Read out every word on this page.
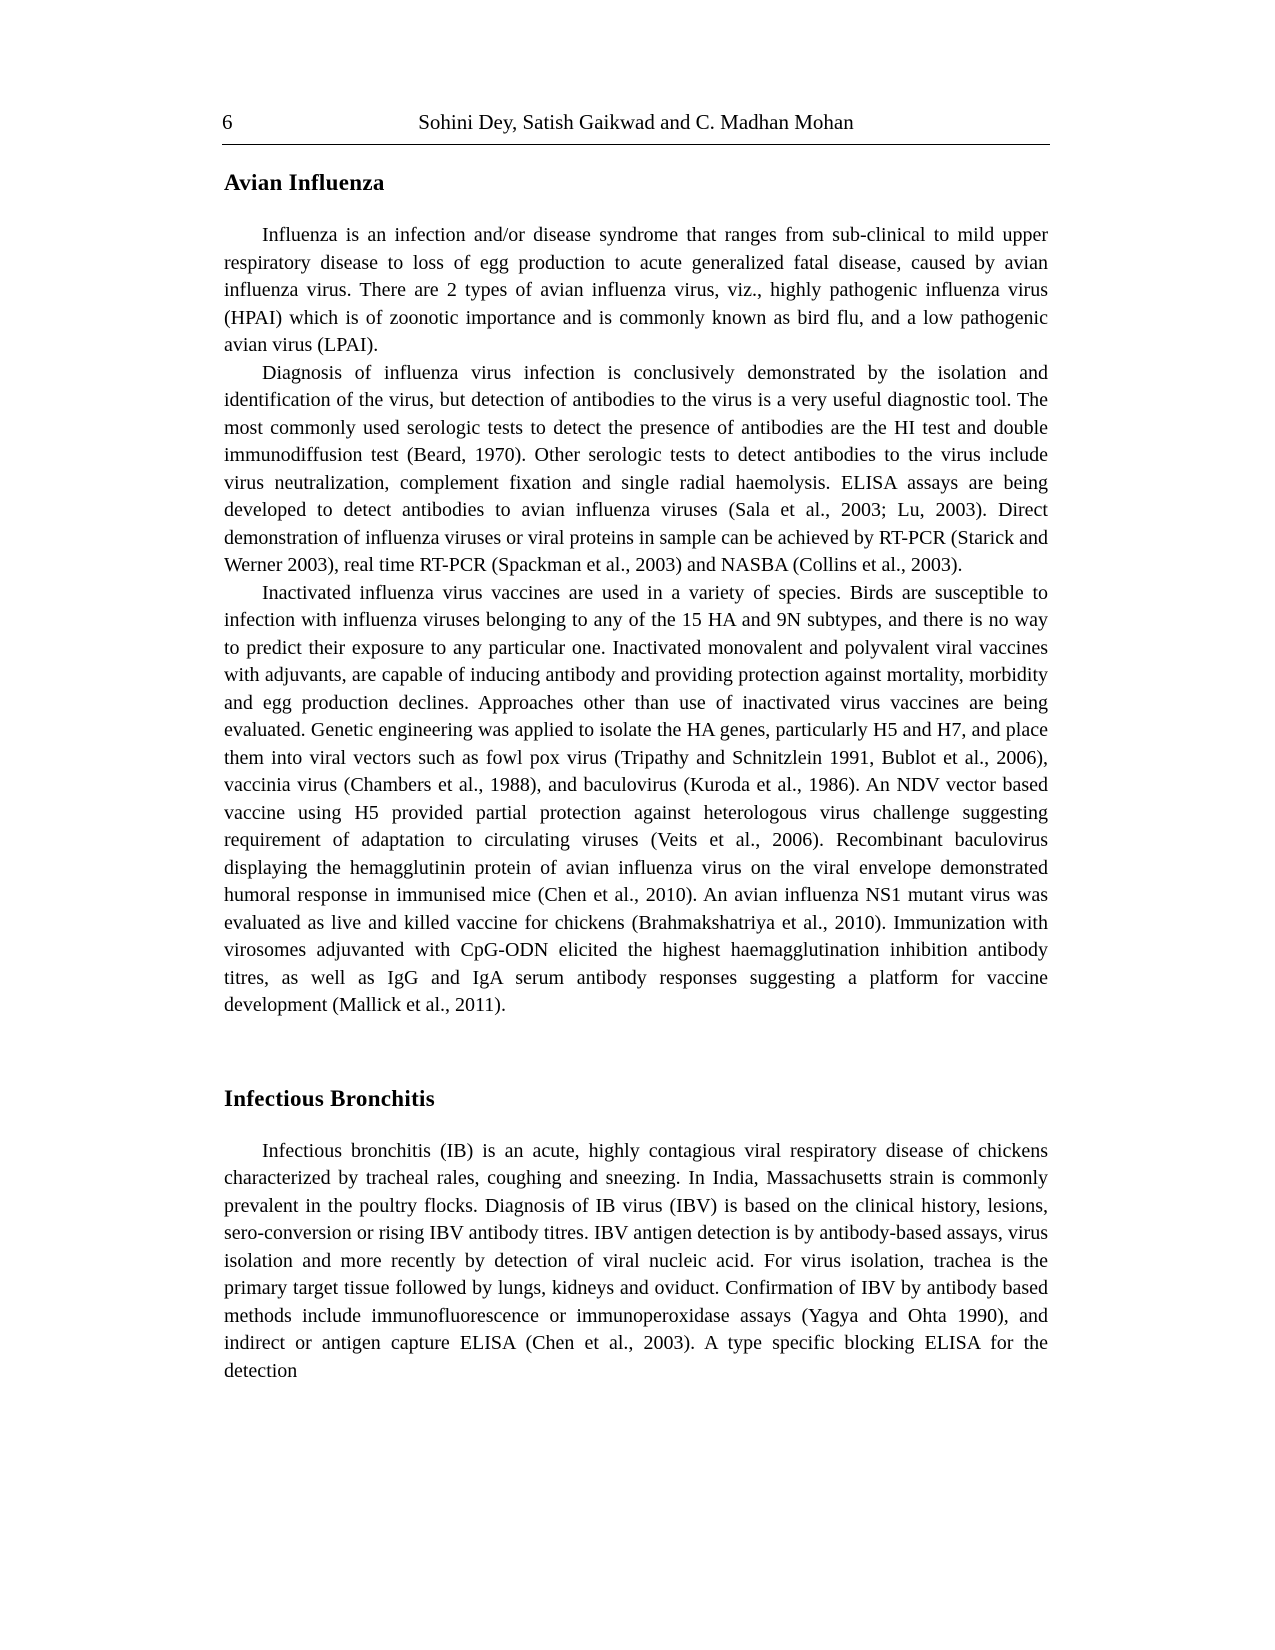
6	Sohini Dey, Satish Gaikwad and C. Madhan Mohan
Avian Influenza

Influenza is an infection and/or disease syndrome that ranges from sub-clinical to mild upper respiratory disease to loss of egg production to acute generalized fatal disease, caused by avian influenza virus. There are 2 types of avian influenza virus, viz., highly pathogenic influenza virus (HPAI) which is of zoonotic importance and is commonly known as bird flu, and a low pathogenic avian virus (LPAI).

Diagnosis of influenza virus infection is conclusively demonstrated by the isolation and identification of the virus, but detection of antibodies to the virus is a very useful diagnostic tool. The most commonly used serologic tests to detect the presence of antibodies are the HI test and double immunodiffusion test (Beard, 1970). Other serologic tests to detect antibodies to the virus include virus neutralization, complement fixation and single radial haemolysis. ELISA assays are being developed to detect antibodies to avian influenza viruses (Sala et al., 2003; Lu, 2003). Direct demonstration of influenza viruses or viral proteins in sample can be achieved by RT-PCR (Starick and Werner 2003), real time RT-PCR (Spackman et al., 2003) and NASBA (Collins et al., 2003).

Inactivated influenza virus vaccines are used in a variety of species. Birds are susceptible to infection with influenza viruses belonging to any of the 15 HA and 9N subtypes, and there is no way to predict their exposure to any particular one. Inactivated monovalent and polyvalent viral vaccines with adjuvants, are capable of inducing antibody and providing protection against mortality, morbidity and egg production declines. Approaches other than use of inactivated virus vaccines are being evaluated. Genetic engineering was applied to isolate the HA genes, particularly H5 and H7, and place them into viral vectors such as fowl pox virus (Tripathy and Schnitzlein 1991, Bublot et al., 2006), vaccinia virus (Chambers et al., 1988), and baculovirus (Kuroda et al., 1986). An NDV vector based vaccine using H5 provided partial protection against heterologous virus challenge suggesting requirement of adaptation to circulating viruses (Veits et al., 2006). Recombinant baculovirus displaying the hemagglutinin protein of avian influenza virus on the viral envelope demonstrated humoral response in immunised mice (Chen et al., 2010). An avian influenza NS1 mutant virus was evaluated as live and killed vaccine for chickens (Brahmakshatriya et al., 2010). Immunization with virosomes adjuvanted with CpG-ODN elicited the highest haemagglutination inhibition antibody titres, as well as IgG and IgA serum antibody responses suggesting a platform for vaccine development (Mallick et al., 2011).

Infectious Bronchitis

Infectious bronchitis (IB) is an acute, highly contagious viral respiratory disease of chickens characterized by tracheal rales, coughing and sneezing. In India, Massachusetts strain is commonly prevalent in the poultry flocks. Diagnosis of IB virus (IBV) is based on the clinical history, lesions, sero-conversion or rising IBV antibody titres. IBV antigen detection is by antibody-based assays, virus isolation and more recently by detection of viral nucleic acid. For virus isolation, trachea is the primary target tissue followed by lungs, kidneys and oviduct. Confirmation of IBV by antibody based methods include immunofluorescence or immunoperoxidase assays (Yagya and Ohta 1990), and indirect or antigen capture ELISA (Chen et al., 2003). A type specific blocking ELISA for the detection
